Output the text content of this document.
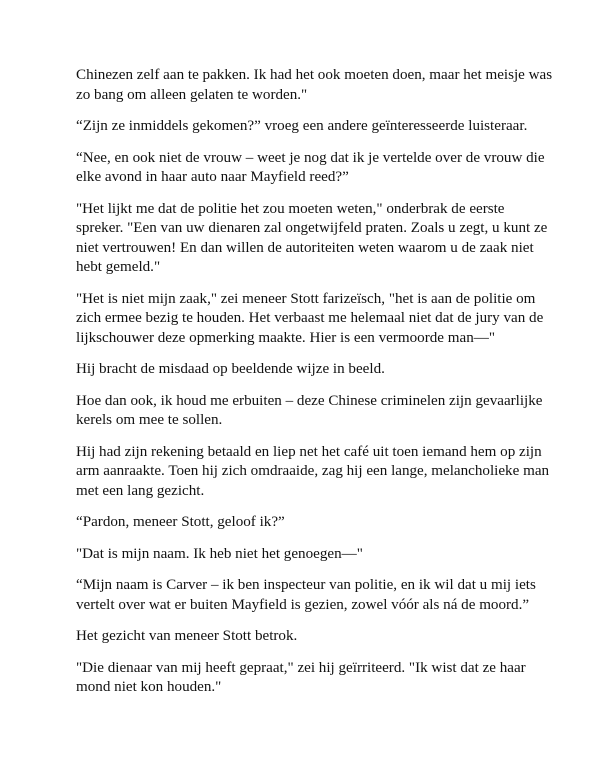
Chinezen zelf aan te pakken. Ik had het ook moeten doen, maar het meisje was zo bang om alleen gelaten te worden."

“Zijn ze inmiddels gekomen?” vroeg een andere geïnteresseerde luisteraar.

“Nee, en ook niet de vrouw – weet je nog dat ik je vertelde over de vrouw die elke avond in haar auto naar Mayfield reed?”

"Het lijkt me dat de politie het zou moeten weten," onderbrak de eerste spreker. "Een van uw dienaren zal ongetwijfeld praten. Zoals u zegt, u kunt ze niet vertrouwen! En dan willen de autoriteiten weten waarom u de zaak niet hebt gemeld."

"Het is niet mijn zaak," zei meneer Stott farizeïsch, "het is aan de politie om zich ermee bezig te houden. Het verbaast me helemaal niet dat de jury van de lijkschouwer deze opmerking maakte. Hier is een vermoorde man—"

Hij bracht de misdaad op beeldende wijze in beeld.

Hoe dan ook, ik houd me erbuiten – deze Chinese criminelen zijn gevaarlijke kerels om mee te sollen.

Hij had zijn rekening betaald en liep net het café uit toen iemand hem op zijn arm aanraakte. Toen hij zich omdraaide, zag hij een lange, melancholieke man met een lang gezicht.

“Pardon, meneer Stott, geloof ik?”

"Dat is mijn naam. Ik heb niet het genoegen—"

“Mijn naam is Carver – ik ben inspecteur van politie, en ik wil dat u mij iets vertelt over wat er buiten Mayfield is gezien, zowel vóór als ná de moord.”

Het gezicht van meneer Stott betrok.

"Die dienaar van mij heeft gepraat," zei hij geïrriteerd. "Ik wist dat ze haar mond niet kon houden."
